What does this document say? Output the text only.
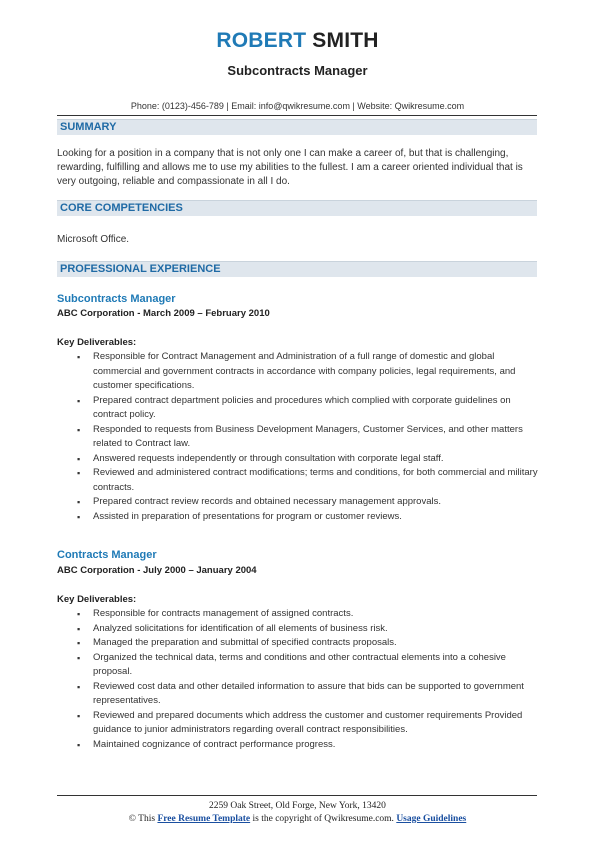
ROBERT SMITH
Subcontracts Manager
Phone: (0123)-456-789 | Email: info@qwikresume.com | Website: Qwikresume.com
SUMMARY
Looking for a position in a company that is not only one I can make a career of, but that is challenging, rewarding, fulfilling and allows me to use my abilities to the fullest. I am a career oriented individual that is very outgoing, reliable and compassionate in all I do.
CORE COMPETENCIES
Microsoft Office.
PROFESSIONAL EXPERIENCE
Subcontracts Manager
ABC Corporation - March 2009 – February 2010
Key Deliverables:
▪ Responsible for Contract Management and Administration of a full range of domestic and global commercial and government contracts in accordance with company policies, legal requirements, and customer specifications.
▪ Prepared contract department policies and procedures which complied with corporate guidelines on contract policy.
▪ Responded to requests from Business Development Managers, Customer Services, and other matters related to Contract law.
▪ Answered requests independently or through consultation with corporate legal staff.
▪ Reviewed and administered contract modifications; terms and conditions, for both commercial and military contracts.
▪ Prepared contract review records and obtained necessary management approvals.
▪ Assisted in preparation of presentations for program or customer reviews.
Contracts Manager
ABC Corporation - July 2000 – January 2004
Key Deliverables:
▪ Responsible for contracts management of assigned contracts.
▪ Analyzed solicitations for identification of all elements of business risk.
▪ Managed the preparation and submittal of specified contracts proposals.
▪ Organized the technical data, terms and conditions and other contractual elements into a cohesive proposal.
▪ Reviewed cost data and other detailed information to assure that bids can be supported to government representatives.
▪ Reviewed and prepared documents which address the customer and customer requirements Provided guidance to junior administrators regarding overall contract responsibilities.
▪ Maintained cognizance of contract performance progress.
2259 Oak Street, Old Forge, New York, 13420
© This Free Resume Template is the copyright of Qwikresume.com. Usage Guidelines
